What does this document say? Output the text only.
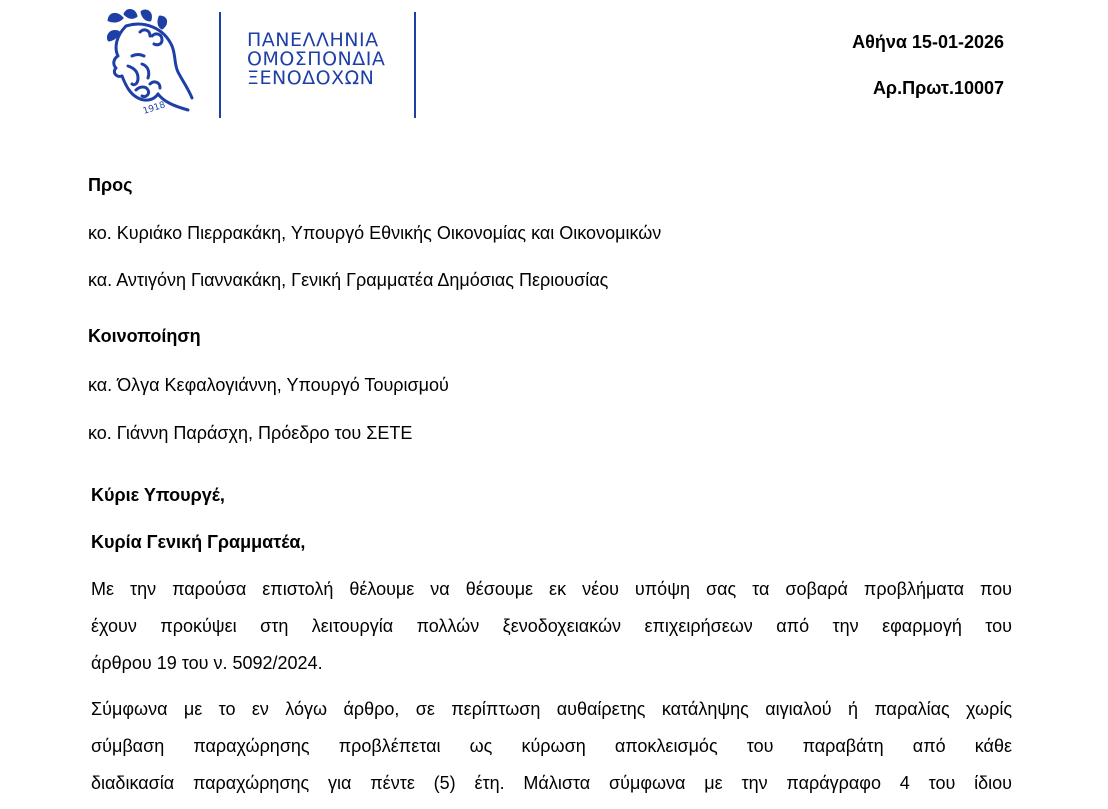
1918
ΠΑΝΕΛΛΗΝΙΑ
ΟΜΟΣΠΟΝΔΙΑ
ΞΕΝΟΔΟΧΩΝ
Αθήνα 15-01-2026
Αρ.Πρωτ.10007
Προς
κο. Κυριάκο Πιερρακάκη, Υπουργό Εθνικής Οικονομίας και Οικονομικών
κα. Αντιγόνη Γιαννακάκη, Γενική Γραμματέα Δημόσιας Περιουσίας
Κοινοποίηση
κα. Όλγα Κεφαλογιάννη, Υπουργό Τουρισμού
κο. Γιάννη Παράσχη, Πρόεδρο του ΣΕΤΕ
Κύριε Υπουργέ,
Κυρία Γενική Γραμματέα,
Με την παρούσα επιστολή θέλουμε να θέσουμε εκ νέου υπόψη σας τα σοβαρά προβλήματα που
έχουν προκύψει στη λειτουργία πολλών ξενοδοχειακών επιχειρήσεων από την εφαρμογή του
άρθρου 19 του ν. 5092/2024.
Σύμφωνα με το εν λόγω άρθρο, σε περίπτωση αυθαίρετης κατάληψης αιγιαλού ή παραλίας χωρίς
σύμβαση παραχώρησης προβλέπεται ως κύρωση αποκλεισμός του παραβάτη από κάθε
διαδικασία παραχώρησης για πέντε (5) έτη. Μάλιστα σύμφωνα με την παράγραφο 4 του ίδιου
